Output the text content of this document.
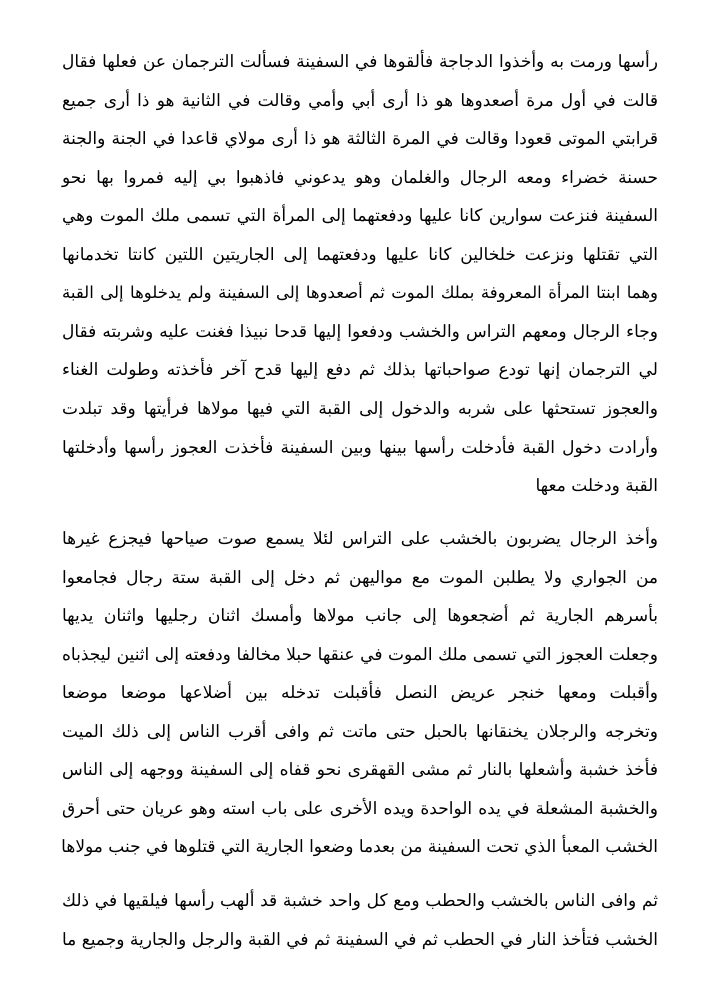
رأسها ورمت به وأخذوا الدجاجة فألقوها في السفينة فسألت الترجمان عن فعلها فقال
قالت في أول مرة أصعدوها هو ذا أرى أبي وأمي وقالت في الثانية هو ذا أرى جميع
قرابتي الموتى قعودا وقالت في المرة الثالثة هو ذا أرى مولاي قاعدا في الجنة والجنة
حسنة خضراء ومعه الرجال والغلمان وهو يدعوني فاذهبوا بي إليه فمروا بها نحو
السفينة فنزعت سوارين كانا عليها ودفعتهما إلى المرأة التي تسمى ملك الموت وهي
التي تقتلها ونزعت خلخالين كانا عليها ودفعتهما إلى الجاريتين اللتين كانتا تخدمانها
وهما ابنتا المرأة المعروفة بملك الموت ثم أصعدوها إلى السفينة ولم يدخلوها إلى القبة
وجاء الرجال ومعهم التراس والخشب ودفعوا إليها قدحا نبيذا فغنت عليه وشربته فقال
لي الترجمان إنها تودع صواحباتها بذلك ثم دفع إليها قدح آخر فأخذته وطولت الغناء
والعجوز تستحثها على شربه والدخول إلى القبة التي فيها مولاها فرأيتها وقد تبلدت
وأرادت دخول القبة فأدخلت رأسها بينها وبين السفينة فأخذت العجوز رأسها وأدخلتها
القبة ودخلت معها
وأخذ الرجال يضربون بالخشب على التراس لئلا يسمع صوت صياحها فيجزع غيرها
من الجواري ولا يطلبن الموت مع مواليهن ثم دخل إلى القبة ستة رجال فجامعوا
بأسرهم الجارية ثم أضجعوها إلى جانب مولاها وأمسك اثنان رجليها واثنان يديها
وجعلت العجوز التي تسمى ملك الموت في عنقها حبلا مخالفا ودفعته إلى اثنين ليجذباه
وأقبلت ومعها خنجر عريض النصل فأقبلت تدخله بين أضلاعها موضعا موضعا
وتخرجه والرجلان يخنقانها بالحبل حتى ماتت ثم وافى أقرب الناس إلى ذلك الميت
فأخذ خشبة وأشعلها بالنار ثم مشى القهقرى نحو قفاه إلى السفينة ووجهه إلى الناس
والخشبة المشعلة في يده الواحدة ويده الأخرى على باب استه وهو عريان حتى أحرق
الخشب المعبأ الذي تحت السفينة من بعدما وضعوا الجارية التي قتلوها في جنب مولاها
ثم وافى الناس بالخشب والحطب ومع كل واحد خشبة قد ألهب رأسها فيلقيها في ذلك
الخشب فتأخذ النار في الحطب ثم في السفينة ثم في القبة والرجل والجارية وجميع ما
